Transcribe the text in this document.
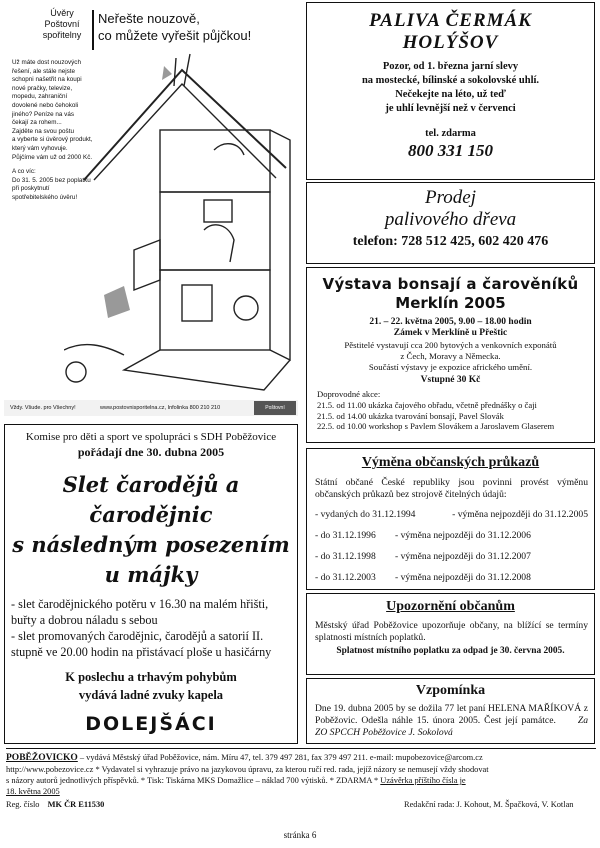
Úvěry
Poštovní
spořitelny
Neřešte nouzově,
co můžete vyřešit půjčkou!
Už máte dost nouzových
řešení, ale stále nejste
schopni našetřit na koupi
nové pračky, televize,
mopedu, zahraniční
dovolené nebo čehokoli
jiného? Peníze na vás
čekají za rohem...
Zajděte na svou poštu
a vyberte si úvěrový produkt,
který vám vyhovuje.
Půjčíme vám už od 2000 Kč.
A co víc:
Do 31. 5. 2005 bez poplatku
při poskytnutí
spotřebitelského úvěru!
Vždy. Všude. pro Všechny!	www.postovnisporitelna.cz, Infolinka 800 210 210	Poštovní spořitelna
PALIVA ČERMÁK
HOLÝŠOV
Pozor, od 1. března jarní slevy
na mostecké, bílinské a sokolovské uhlí.
Nečekejte na léto, už teď
je uhlí levnější než v červenci
tel. zdarma
800 331 150
Prodej
palivového dřeva
telefon: 728 512 425, 602 420 476
Výstava bonsají a čarověníků
Merklín 2005
21. – 22. května 2005, 9.00 – 18.00 hodin
Zámek v Merklíně u Přeštic
Pěstitelé vystavují cca 200 bytových a venkovních exponátů
z Čech, Moravy a Německa.
Součástí výstavy je expozice afrického umění.
Vstupné 30 Kč
Doprovodné akce:
21.5. od 11.00 ukázka čajového obřadu, včetně přednášky o čaji
21.5. od 14.00 ukázka tvarování bonsají, Pavel Slovák
22.5. od 10.00 workshop s Pavlem Slovákem a Jaroslavem Glaserem
Komise pro děti a sport ve spolupráci s SDH Poběžovice
pořádají dne 30. dubna 2005
Slet čarodějů a čarodějnic
s následným posezením
u májky
- slet čarodějnického potěru v 16.30 na malém hřišti, buřty a dobrou náladu s sebou
- slet promovaných čarodějnic, čarodějů a satorií II. stupně ve 20.00 hodin na přistávací ploše u hasičárny
K poslechu a trhavým pohybům
vydává ladné zvuky kapela
DOLEJŠÁCI
Výměna občanských průkazů
Státní občané České republiky jsou povinni provést výměnu občanských průkazů bez strojově čitelných údajů:
- vydaných do 31.12.1994	- výměna nejpozději do 31.12.2005
- do 31.12.1996	- výměna nejpozději do 31.12.2006
- do 31.12.1998	- výměna nejpozději do 31.12.2007
- do 31.12.2003	- výměna nejpozději do 31.12.2008
Upozornění občanům
Městský úřad Poběžovice upozorňuje občany, na blížící se termíny splatnosti místních poplatků.
Splatnost místního poplatku za odpad je 30. června 2005.
Vzpomínka
Dne 19. dubna 2005 by se dožila 77 let paní HELENA MAŘÍKOVÁ z Poběžovic. Odešla náhle 15. února 2005. Čest její památce. Za ZO SPCCH Poběžovice J. Sokolová
POBĚŽOVICKO – vydává Městský úřad Poběžovice, nám. Míru 47, tel. 379 497 281, fax 379 497 211. e-mail: mupobezovice@arcom.cz
http://www.pobezovice.cz * Vydavatel si vyhrazuje právo na jazykovou úpravu, za kterou ručí red. rada, jejíž názory se nemusejí vždy shodovat
s názory autorů jednotlivých příspěvků. * Tisk: Tiskárna MKS Domažlice – náklad 700 výtisků. * ZDARMA * Uzávěrka příštího čísla je
18. května 2005
Reg. číslo MK ČR E11530	Redakční rada: J. Kohout, M. Špačková, V. Kotlan
stránka 6
